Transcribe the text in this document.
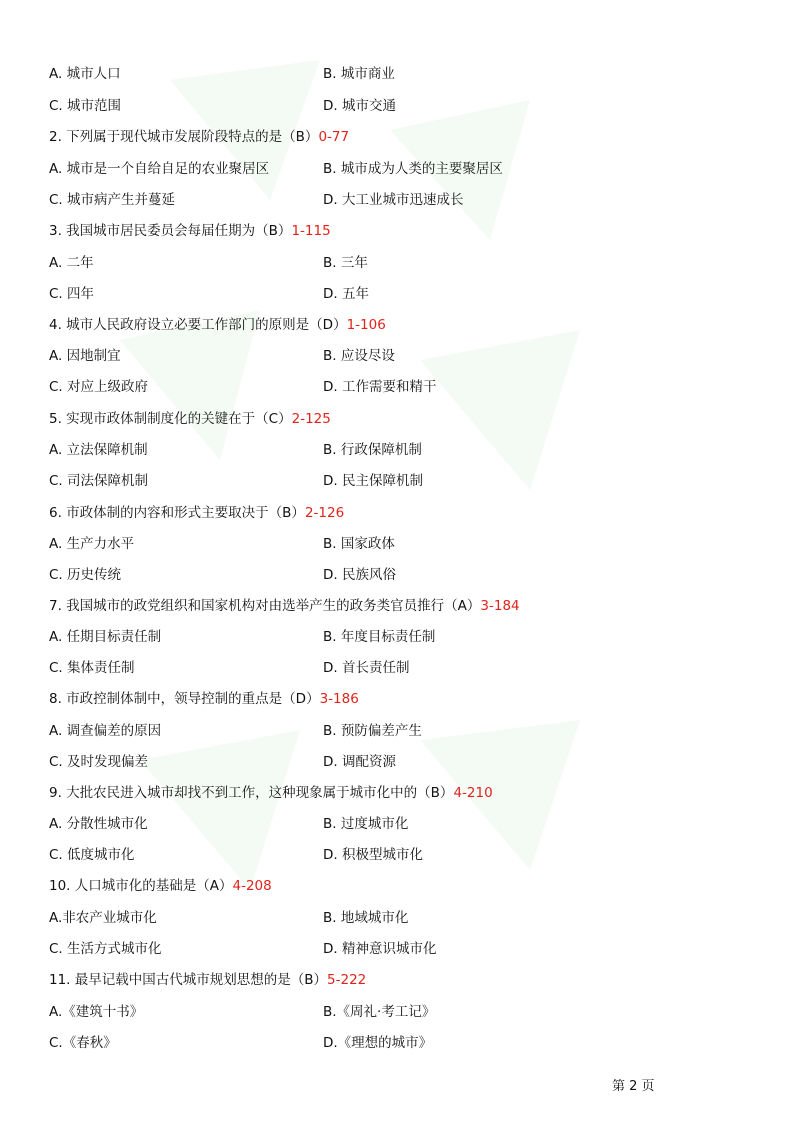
A. 城市人口	B. 城市商业
C. 城市范围	D. 城市交通
2. 下列属于现代城市发展阶段特点的是（B）0-77
A. 城市是一个自给自足的农业聚居区	B. 城市成为人类的主要聚居区
C. 城市病产生并蔓延	D. 大工业城市迅速成长
3. 我国城市居民委员会每届任期为（B）1-115
A. 二年	B. 三年
C. 四年	D. 五年
4. 城市人民政府设立必要工作部门的原则是（D）1-106
A. 因地制宜	B. 应设尽设
C. 对应上级政府	D. 工作需要和精干
5. 实现市政体制制度化的关键在于（C）2-125
A. 立法保障机制	B. 行政保障机制
C. 司法保障机制	D. 民主保障机制
6. 市政体制的内容和形式主要取决于（B）2-126
A. 生产力水平	B. 国家政体
C. 历史传统	D. 民族风俗
7. 我国城市的政党组织和国家机构对由选举产生的政务类官员推行（A）3-184
A. 任期目标责任制	B. 年度目标责任制
C. 集体责任制	D. 首长责任制
8. 市政控制体制中，领导控制的重点是（D）3-186
A. 调查偏差的原因	B. 预防偏差产生
C. 及时发现偏差	D. 调配资源
9. 大批农民进入城市却找不到工作，这种现象属于城市化中的（B）4-210
A. 分散性城市化	B. 过度城市化
C. 低度城市化	D. 积极型城市化
10. 人口城市化的基础是（A）4-208
A.非农产业城市化	B. 地域城市化
C. 生活方式城市化	D. 精神意识城市化
11. 最早记载中国古代城市规划思想的是（B）5-222
A.《建筑十书》	B.《周礼·考工记》
C.《春秋》	D.《理想的城市》
第 2 页
